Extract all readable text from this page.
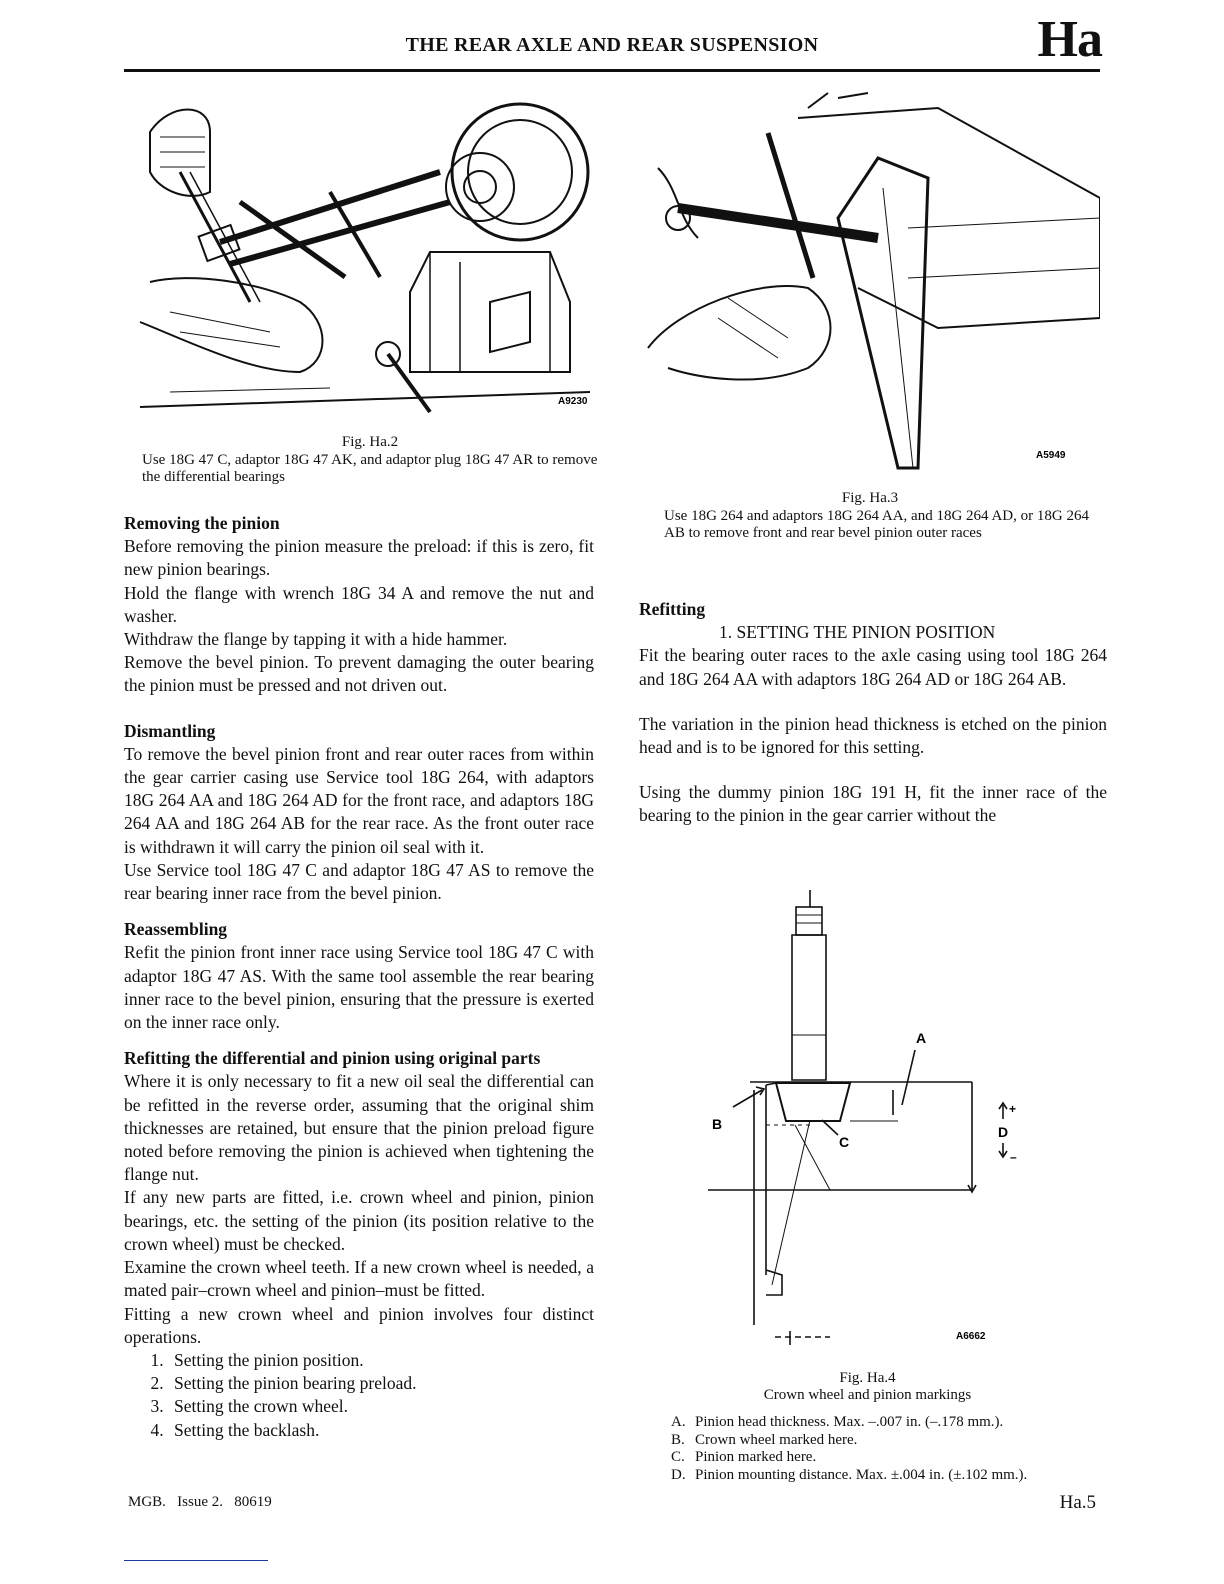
THE REAR AXLE AND REAR SUSPENSION	Ha
A9230
Fig. Ha.2
Use 18G 47 C, adaptor 18G 47 AK, and adaptor plug 18G 47 AR to remove the differential bearings
A5949
Fig. Ha.3
Use 18G 264 and adaptors 18G 264 AA, and 18G 264 AD, or 18G 264 AB to remove front and rear bevel pinion outer races
Removing the pinion

Before removing the pinion measure the preload: if this is zero, fit new pinion bearings.

Hold the flange with wrench 18G 34 A and remove the nut and washer.

Withdraw the flange by tapping it with a hide hammer.

Remove the bevel pinion. To prevent damaging the outer bearing the pinion must be pressed and not driven out.

Dismantling

To remove the bevel pinion front and rear outer races from within the gear carrier casing use Service tool 18G 264, with adaptors 18G 264 AA and 18G 264 AD for the front race, and adaptors 18G 264 AA and 18G 264 AB for the rear race. As the front outer race is withdrawn it will carry the pinion oil seal with it.

Use Service tool 18G 47 C and adaptor 18G 47 AS to remove the rear bearing inner race from the bevel pinion.

Reassembling

Refit the pinion front inner race using Service tool 18G 47 C with adaptor 18G 47 AS. With the same tool assemble the rear bearing inner race to the bevel pinion, ensuring that the pressure is exerted on the inner race only.

Refitting the differential and pinion using original parts

Where it is only necessary to fit a new oil seal the differential can be refitted in the reverse order, assuming that the original shim thicknesses are retained, but ensure that the pinion preload figure noted before removing the pinion is achieved when tightening the flange nut.

If any new parts are fitted, i.e. crown wheel and pinion, pinion bearings, etc. the setting of the pinion (its position relative to the crown wheel) must be checked.

Examine the crown wheel teeth. If a new crown wheel is needed, a mated pair–crown wheel and pinion–must be fitted.

Fitting a new crown wheel and pinion involves four distinct operations.

1. Setting the pinion position.
2. Setting the pinion bearing preload.
3. Setting the crown wheel.
4. Setting the backlash.
Refitting

1. SETTING THE PINION POSITION

Fit the bearing outer races to the axle casing using tool 18G 264 and 18G 264 AA with adaptors 18G 264 AD or 18G 264 AB.

The variation in the pinion head thickness is etched on the pinion head and is to be ignored for this setting.

Using the dummy pinion 18G 191 H, fit the inner race of the bearing to the pinion in the gear carrier without the

A
B
C
D
+
–
A6662
Fig. Ha.4
Crown wheel and pinion markings
A. Pinion head thickness. Max. –.007 in. (–.178 mm.).
B. Crown wheel marked here.
C. Pinion marked here.
D. Pinion mounting distance. Max. ±.004 in. (±.102 mm.).
MGB.   Issue 2.   80619	Ha.5
